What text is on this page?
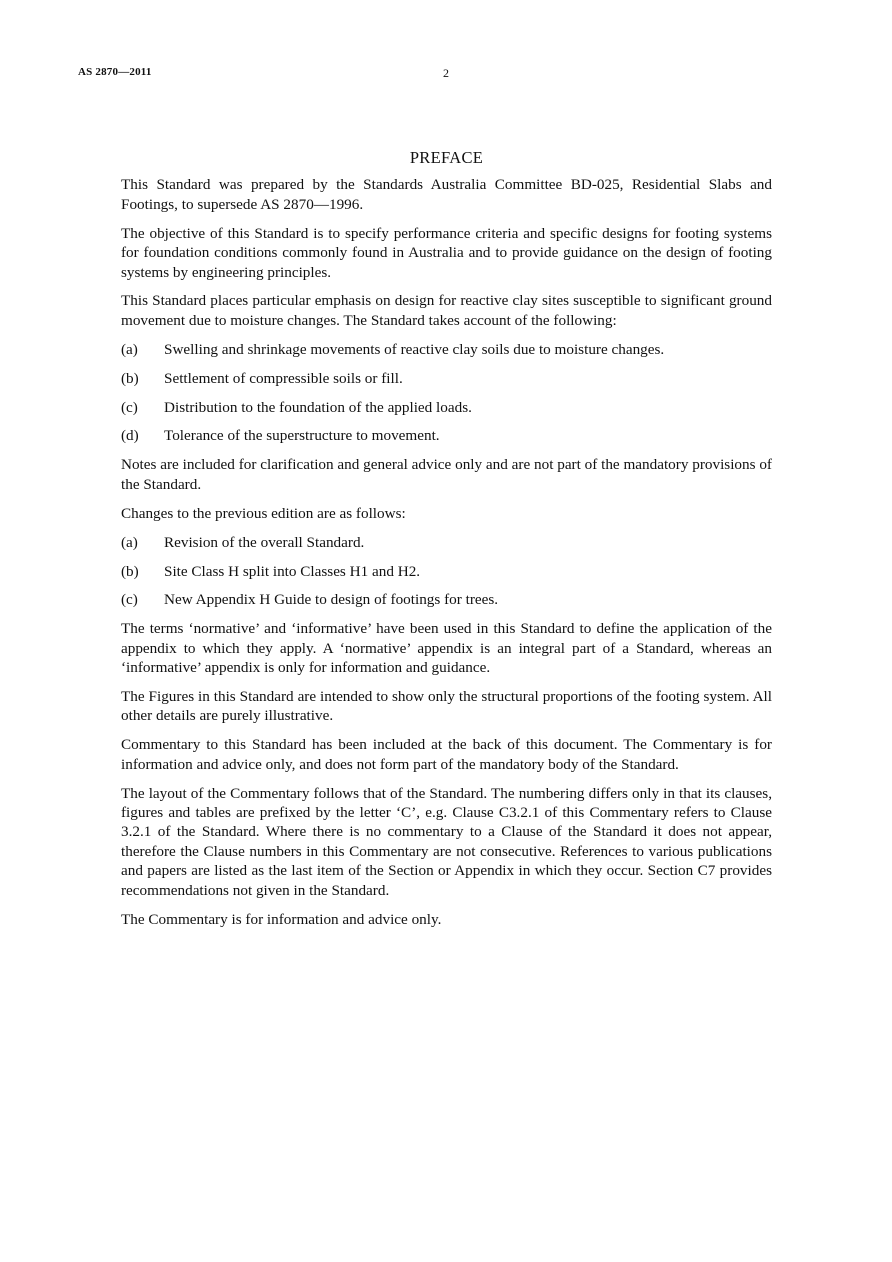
AS 2870—2011	2
PREFACE

This Standard was prepared by the Standards Australia Committee BD-025, Residential Slabs and Footings, to supersede AS 2870—1996.

The objective of this Standard is to specify performance criteria and specific designs for footing systems for foundation conditions commonly found in Australia and to provide guidance on the design of footing systems by engineering principles.

This Standard places particular emphasis on design for reactive clay sites susceptible to significant ground movement due to moisture changes. The Standard takes account of the following:

(a)	Swelling and shrinkage movements of reactive clay soils due to moisture changes.
(b)	Settlement of compressible soils or fill.
(c)	Distribution to the foundation of the applied loads.
(d)	Tolerance of the superstructure to movement.

Notes are included for clarification and general advice only and are not part of the mandatory provisions of the Standard.

Changes to the previous edition are as follows:

(a)	Revision of the overall Standard.
(b)	Site Class H split into Classes H1 and H2.
(c)	New Appendix H Guide to design of footings for trees.

The terms ‘normative’ and ‘informative’ have been used in this Standard to define the application of the appendix to which they apply. A ‘normative’ appendix is an integral part of a Standard, whereas an ‘informative’ appendix is only for information and guidance.

The Figures in this Standard are intended to show only the structural proportions of the footing system. All other details are purely illustrative.

Commentary to this Standard has been included at the back of this document. The Commentary is for information and advice only, and does not form part of the mandatory body of the Standard.

The layout of the Commentary follows that of the Standard. The numbering differs only in that its clauses, figures and tables are prefixed by the letter ‘C’, e.g. Clause C3.2.1 of this Commentary refers to Clause 3.2.1 of the Standard. Where there is no commentary to a Clause of the Standard it does not appear, therefore the Clause numbers in this Commentary are not consecutive. References to various publications and papers are listed as the last item of the Section or Appendix in which they occur. Section C7 provides recommendations not given in the Standard.

The Commentary is for information and advice only.
